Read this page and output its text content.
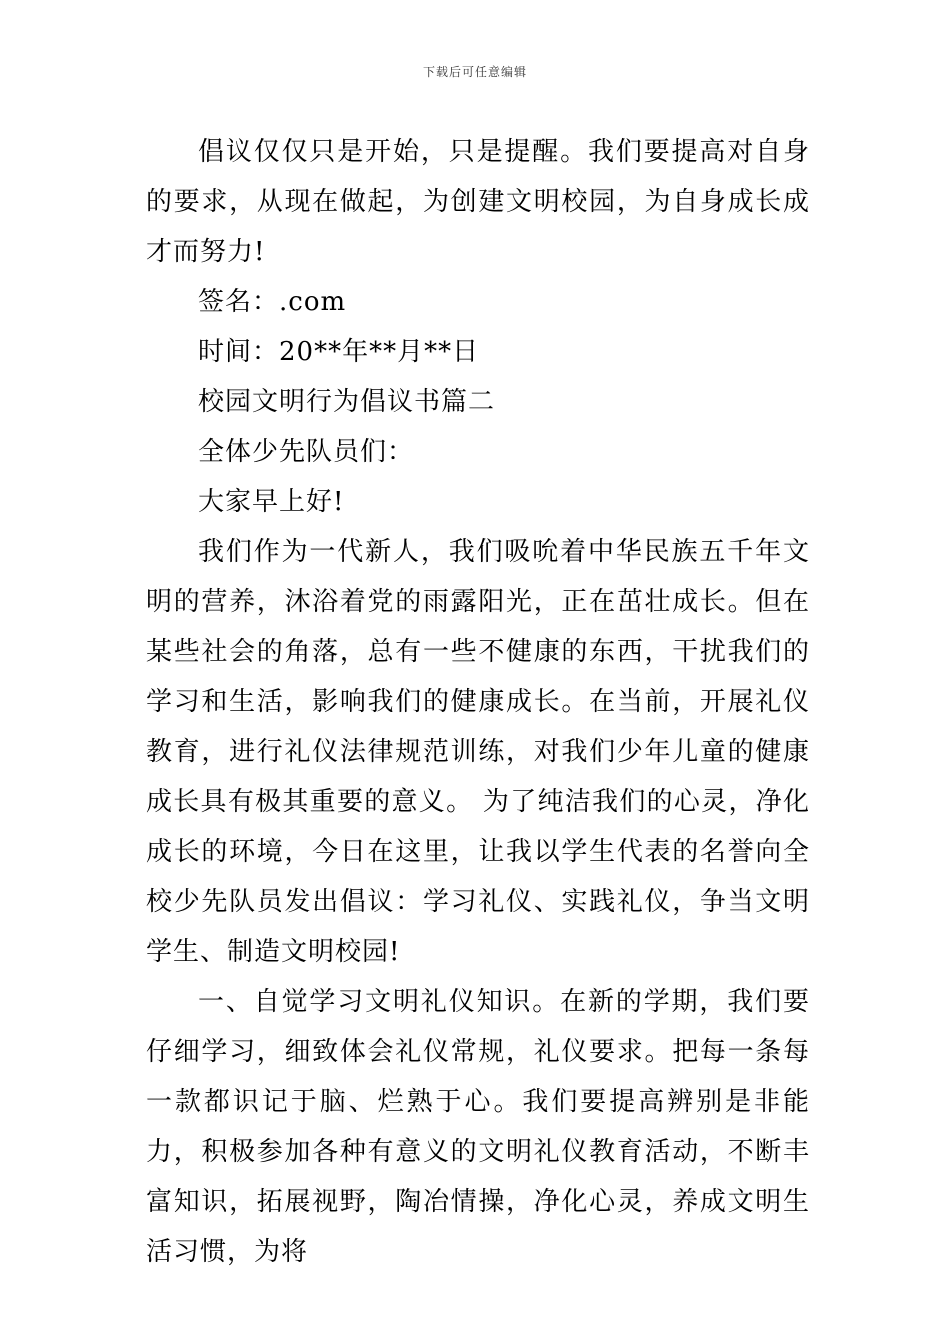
下载后可任意编辑

倡议仅仅只是开始，只是提醒。我们要提高对自身的要求，从现在做起，为创建文明校园，为自身成长成才而努力!

签名：.com

时间：20**年**月**日

校园文明行为倡议书篇二

全体少先队员们：

大家早上好!

我们作为一代新人，我们吸吮着中华民族五千年文明的营养，沐浴着党的雨露阳光，正在茁壮成长。但在某些社会的角落，总有一些不健康的东西，干扰我们的学习和生活，影响我们的健康成长。在当前，开展礼仪教育，进行礼仪法律规范训练，对我们少年儿童的健康成长具有极其重要的意义。 为了纯洁我们的心灵，净化成长的环境，今日在这里，让我以学生代表的名誉向全校少先队员发出倡议：学习礼仪、实践礼仪，争当文明学生、制造文明校园!

一、自觉学习文明礼仪知识。在新的学期，我们要仔细学习，细致体会礼仪常规，礼仪要求。把每一条每一款都识记于脑、烂熟于心。我们要提高辨别是非能力，积极参加各种有意义的文明礼仪教育活动，不断丰富知识，拓展视野，陶冶情操，净化心灵，养成文明生活习惯，为将
